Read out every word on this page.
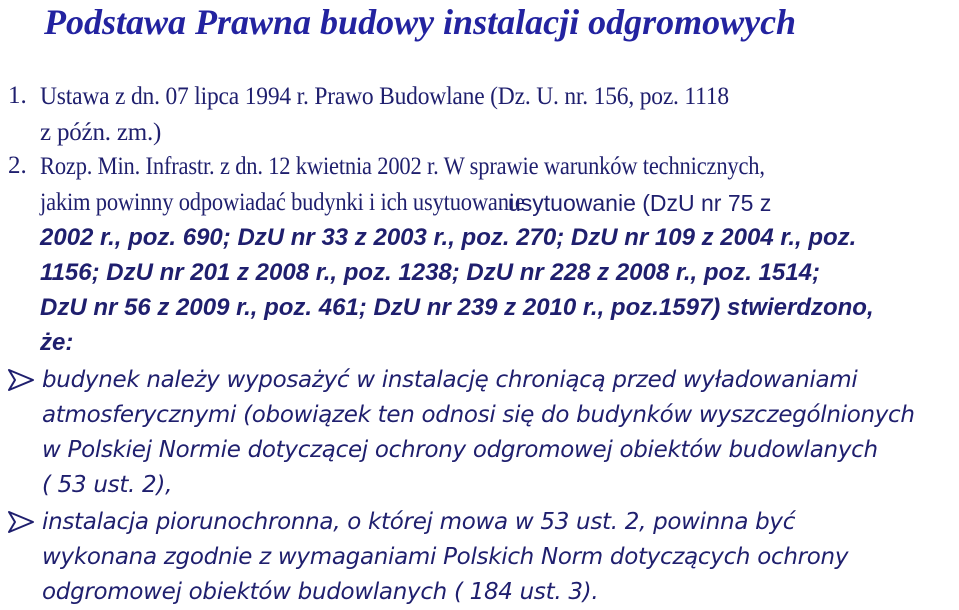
Podstawa Prawna budowy instalacji odgromowych
1. Ustawa z dn. 07 lipca 1994 r. Prawo Budowlane (Dz. U. nr. 156, poz. 1118
z późn. zm.)
2. Rozp. Min. Infrastr. z dn. 12 kwietnia 2002 r. W sprawie warunków technicznych,
jakim powinny odpowiadać budynki i ich usytuowanie
usytuowanie (DzU nr 75 z
2002 r., poz. 690; DzU nr 33 z 2003 r., poz. 270; DzU nr 109 z 2004 r., poz.
1156; DzU nr 201 z 2008 r., poz. 1238; DzU nr 228 z 2008 r., poz. 1514;
DzU nr 56 z 2009 r., poz. 461; DzU nr 239 z 2010 r., poz.1597) stwierdzono,
że:
budynek należy wyposażyć w instalację chroniącą przed wyładowaniami
atmosferycznymi (obowiązek ten odnosi się do budynków wyszczególnionych
w Polskiej Normie dotyczącej ochrony odgromowej obiektów budowlanych
( 53 ust. 2),
instalacja piorunochronna, o której mowa w 53 ust. 2, powinna być
wykonana zgodnie z wymaganiami Polskich Norm dotyczących ochrony
odgromowej obiektów budowlanych ( 184 ust. 3).
